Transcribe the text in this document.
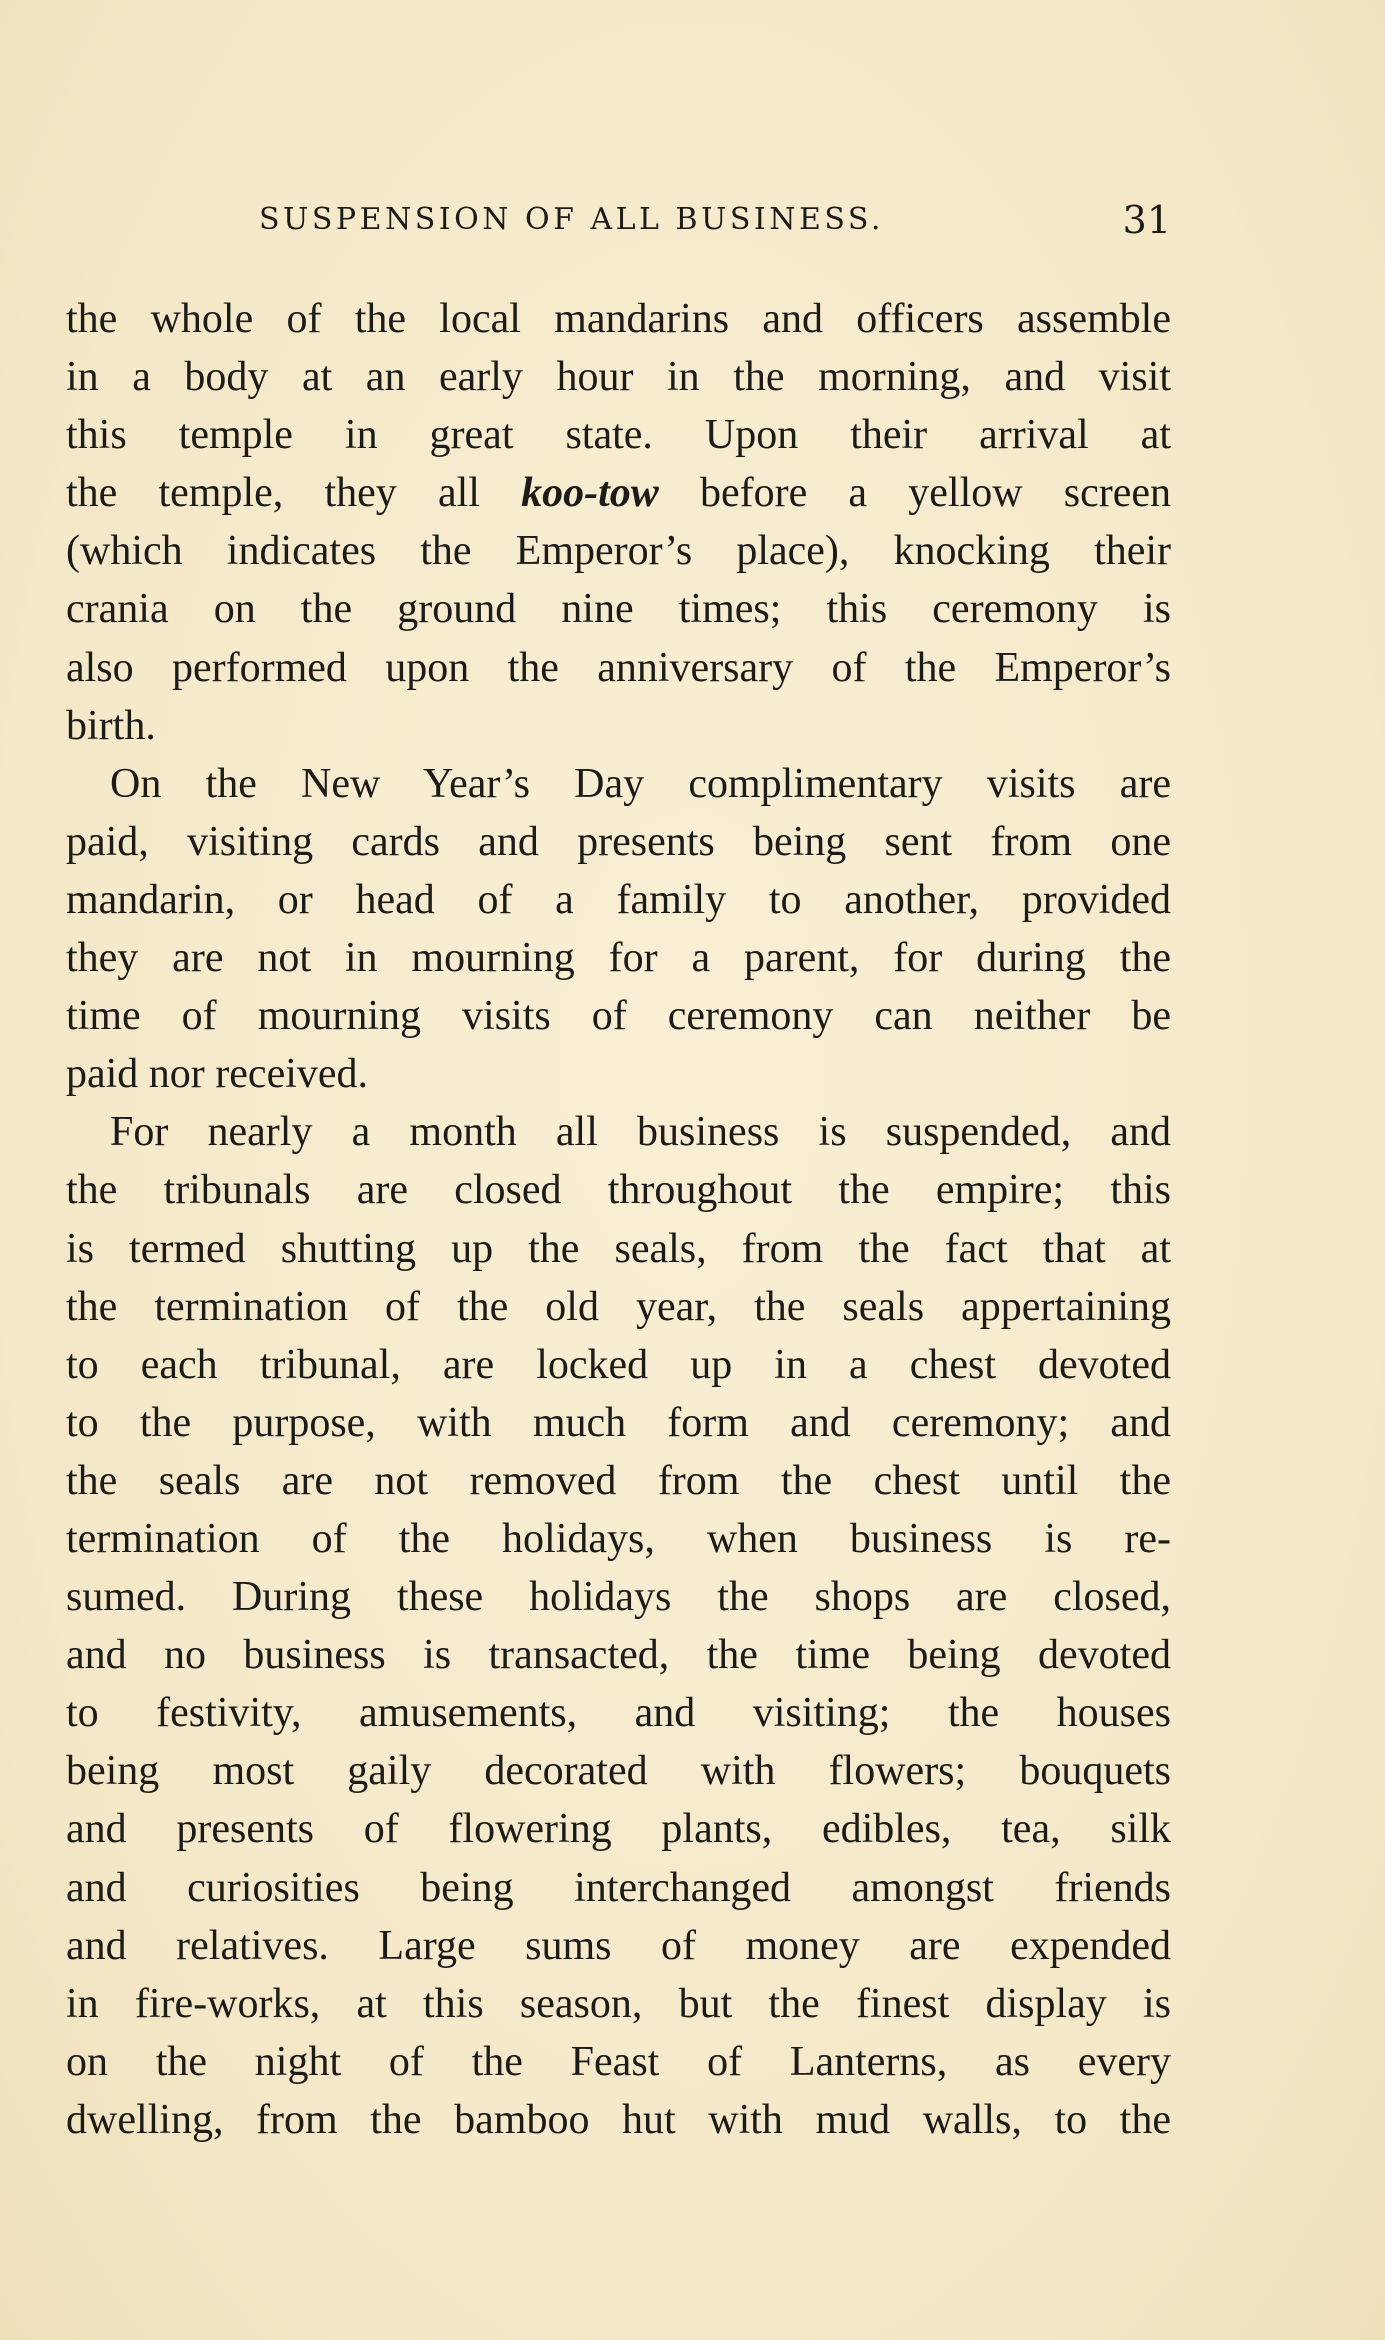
SUSPENSION OF ALL BUSINESS.	31
the whole of the local mandarins and officers assemble
in a body at an early hour in the morning, and visit
this temple in great state. Upon their arrival at
the temple, they all koo-tow before a yellow screen
(which indicates the Emperor’s place), knocking their
crania on the ground nine times; this ceremony is
also performed upon the anniversary of the Emperor’s
birth.
On the New Year’s Day complimentary visits are
paid, visiting cards and presents being sent from one
mandarin, or head of a family to another, provided
they are not in mourning for a parent, for during the
time of mourning visits of ceremony can neither be
paid nor received.
For nearly a month all business is suspended, and
the tribunals are closed throughout the empire; this
is termed shutting up the seals, from the fact that at
the termination of the old year, the seals appertaining
to each tribunal, are locked up in a chest devoted
to the purpose, with much form and ceremony; and
the seals are not removed from the chest until the
termination of the holidays, when business is re-
sumed. During these holidays the shops are closed,
and no business is transacted, the time being devoted
to festivity, amusements, and visiting; the houses
being most gaily decorated with flowers; bouquets
and presents of flowering plants, edibles, tea, silk
and curiosities being interchanged amongst friends
and relatives. Large sums of money are expended
in fire-works, at this season, but the finest display is
on the night of the Feast of Lanterns, as every
dwelling, from the bamboo hut with mud walls, to the
